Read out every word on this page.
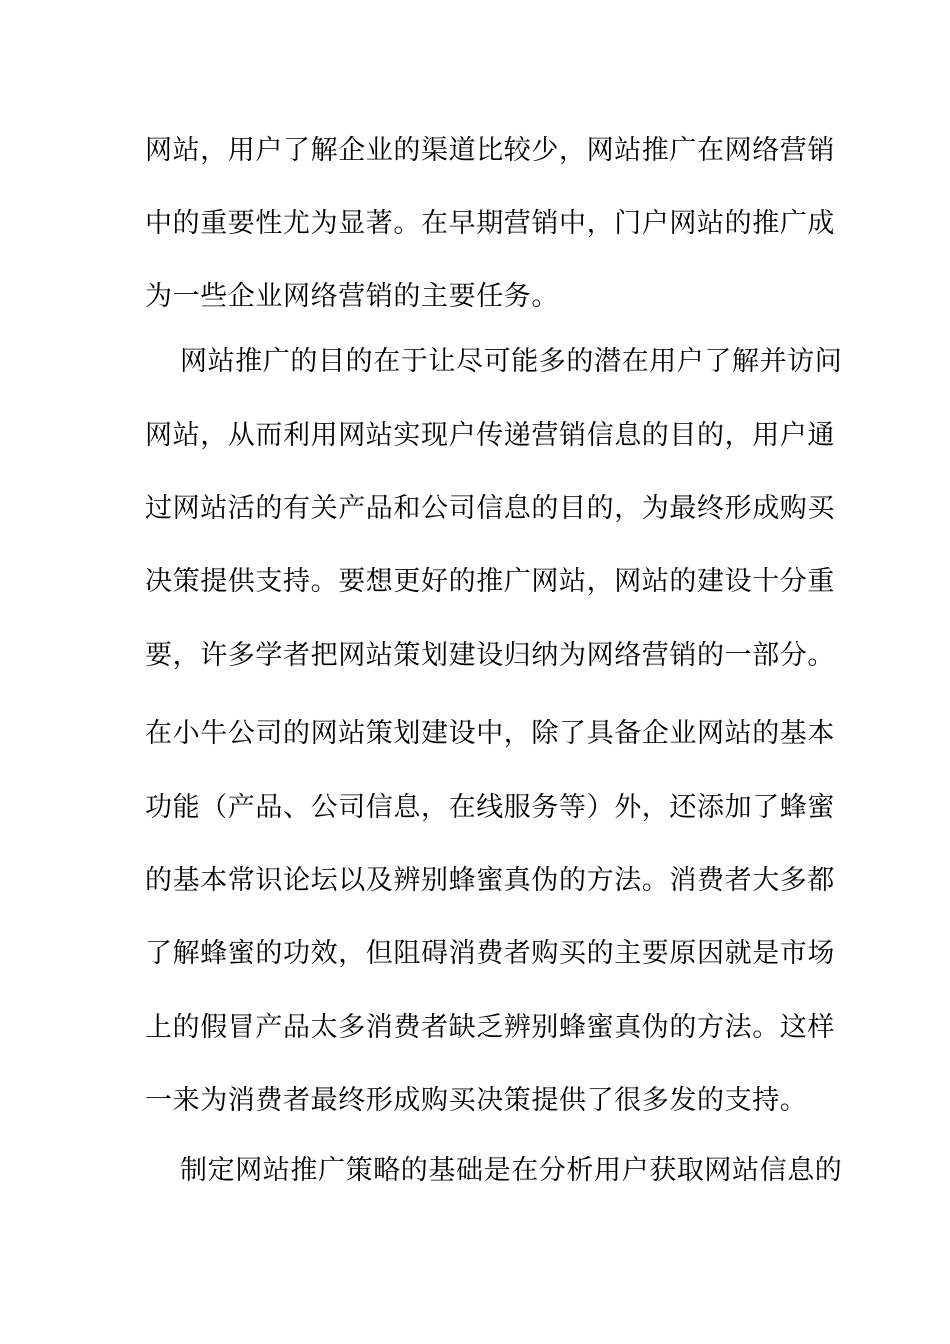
网站，用户了解企业的渠道比较少，网站推广在网络营销
中的重要性尤为显著。在早期营销中，门户网站的推广成
为一些企业网络营销的主要任务。
网站推广的目的在于让尽可能多的潜在用户了解并访问
网站，从而利用网站实现户传递营销信息的目的，用户通
过网站活的有关产品和公司信息的目的，为最终形成购买
决策提供支持。要想更好的推广网站，网站的建设十分重
要，许多学者把网站策划建设归纳为网络营销的一部分。
在小牛公司的网站策划建设中，除了具备企业网站的基本
功能（产品、公司信息，在线服务等）外，还添加了蜂蜜
的基本常识论坛以及辨别蜂蜜真伪的方法。消费者大多都
了解蜂蜜的功效，但阻碍消费者购买的主要原因就是市场
上的假冒产品太多消费者缺乏辨别蜂蜜真伪的方法。这样
一来为消费者最终形成购买决策提供了很多发的支持。
制定网站推广策略的基础是在分析用户获取网站信息的
